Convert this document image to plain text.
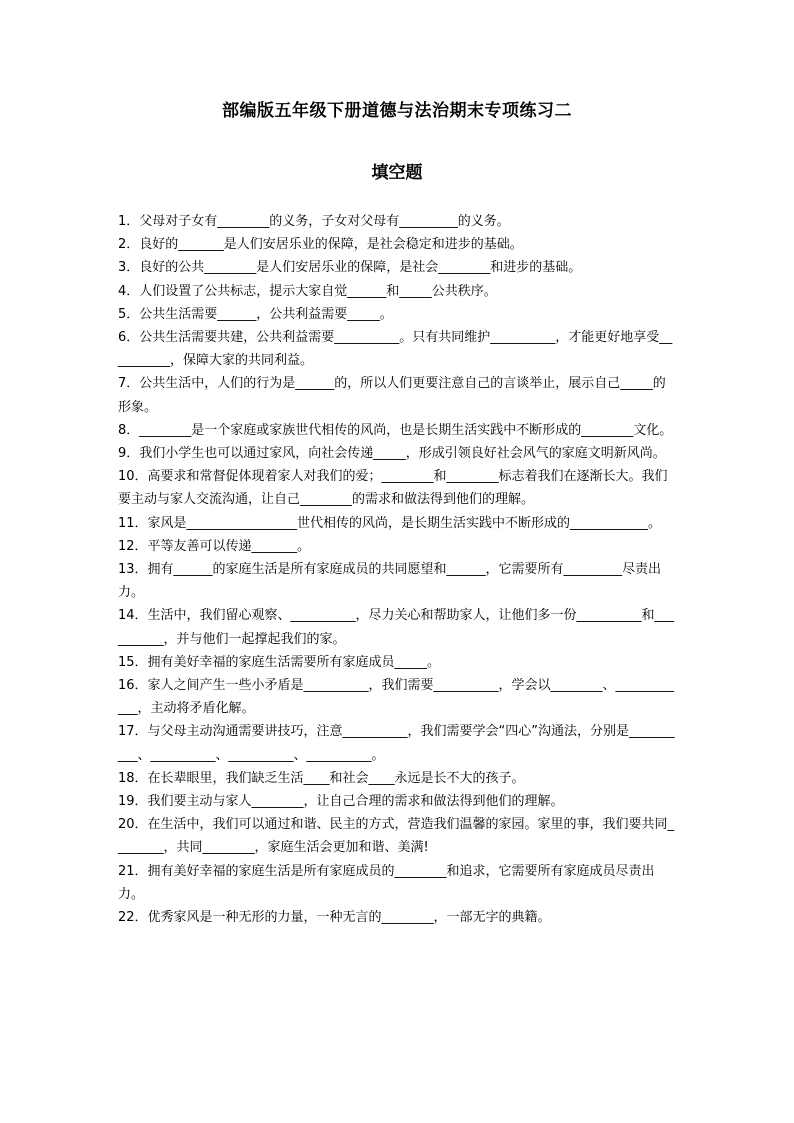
部编版五年级下册道德与法治期末专项练习二
填空题

1．父母对子女有________的义务，子女对父母有_________的义务。

2．良好的_______是人们安居乐业的保障，是社会稳定和进步的基础。

3．良好的公共________是人们安居乐业的保障，是社会________和进步的基础。

4．人们设置了公共标志，提示大家自觉______和_____公共秩序。

5．公共生活需要______，公共利益需要_____。

6．公共生活需要共建，公共利益需要__________。只有共同维护__________，才能更好地享受__________，保障大家的共同利益。

7．公共生活中，人们的行为是______的，所以人们更要注意自己的言谈举止，展示自己_____的形象。

8．________是一个家庭或家族世代相传的风尚，也是长期生活实践中不断形成的________文化。

9．我们小学生也可以通过家风，向社会传递_____，形成引领良好社会风气的家庭文明新风尚。

10．高要求和常督促体现着家人对我们的爱；________和________标志着我们在逐渐长大。我们要主动与家人交流沟通，让自己________的需求和做法得到他们的理解。

11．家风是_________________世代相传的风尚，是长期生活实践中不断形成的____________。

12．平等友善可以传递_______。

13．拥有______的家庭生活是所有家庭成员的共同愿望和______，它需要所有_________尽责出力。

14．生活中，我们留心观察、__________，尽力关心和帮助家人，让他们多一份__________和__________，并与他们一起撑起我们的家。

15．拥有美好幸福的家庭生活需要所有家庭成员_____。

16．家人之间产生一些小矛盾是__________，我们需要__________，学会以________、____________，主动将矛盾化解。

17．与父母主动沟通需要讲技巧，注意__________，我们需要学会“四心”沟通法，分别是__________、__________、__________、__________。

18．在长辈眼里，我们缺乏生活____和社会____永远是长不大的孩子。

19．我们要主动与家人________，让自己合理的需求和做法得到他们的理解。

20．在生活中，我们可以通过和谐、民主的方式，营造我们温馨的家园。家里的事，我们要共同________，共同________，家庭生活会更加和谐、美满!

21．拥有美好幸福的家庭生活是所有家庭成员的________和追求，它需要所有家庭成员尽责出力。

22．优秀家风是一种无形的力量，一种无言的________，一部无字的典籍。
